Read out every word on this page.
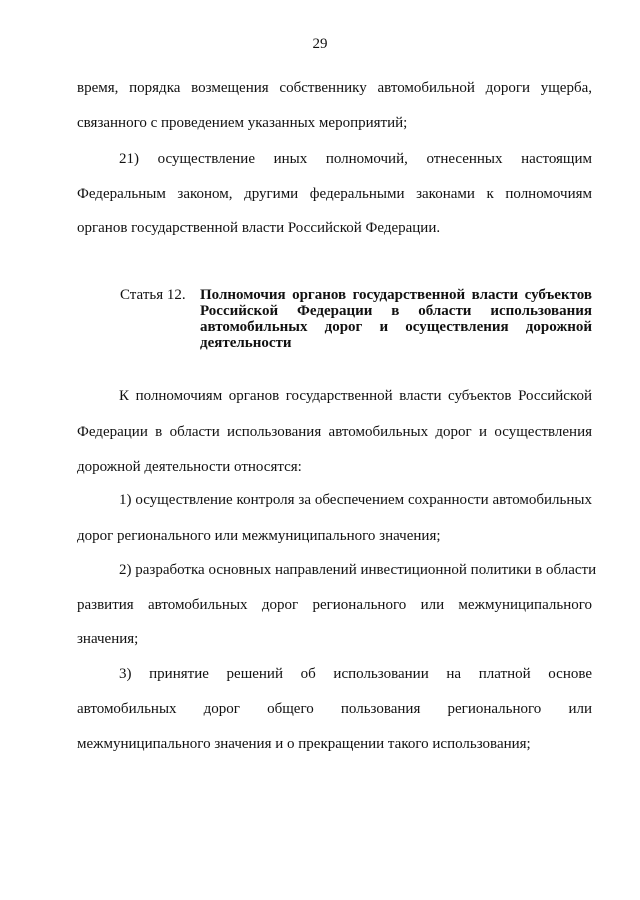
29
время, порядка возмещения собственнику автомобильной дороги ущерба,
связанного с проведением указанных мероприятий;
21) осуществление иных полномочий, отнесенных настоящим
Федеральным законом, другими федеральными законами к полномочиям
органов государственной власти Российской Федерации.
Статья 12. Полномочия органов государственной власти субъектов
Российской Федерации в области использования
автомобильных дорог и осуществления дорожной
деятельности
К полномочиям органов государственной власти субъектов Российской
Федерации в области использования автомобильных дорог и осуществления
дорожной деятельности относятся:
1) осуществление контроля за обеспечением сохранности автомобильных
дорог регионального или межмуниципального значения;
2) разработка основных направлений инвестиционной политики в области
развития автомобильных дорог регионального или межмуниципального
значения;
3) принятие решений об использовании на платной основе
автомобильных дорог общего пользования регионального или
межмуниципального значения и о прекращении такого использования;
